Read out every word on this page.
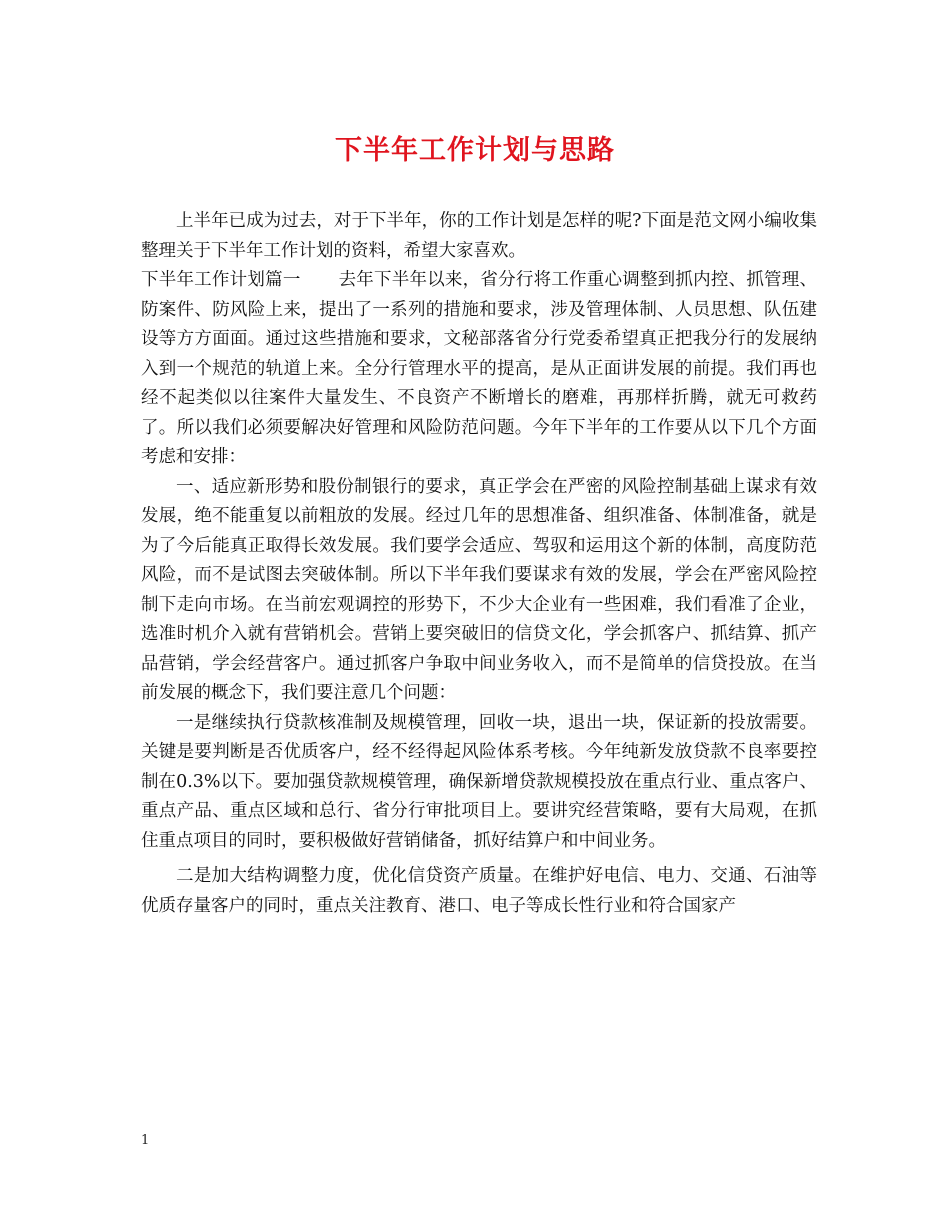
下半年工作计划与思路

上半年已成为过去，对于下半年，你的工作计划是怎样的呢?下面是范文网小编收集整理关于下半年工作计划的资料，希望大家喜欢。

下半年工作计划篇一 去年下半年以来，省分行将工作重心调整到抓内控、抓管理、防案件、防风险上来，提出了一系列的措施和要求，涉及管理体制、人员思想、队伍建设等方方面面。通过这些措施和要求，文秘部落省分行党委希望真正把我分行的发展纳入到一个规范的轨道上来。全分行管理水平的提高，是从正面讲发展的前提。我们再也经不起类似以往案件大量发生、不良资产不断增长的磨难，再那样折腾，就无可救药了。所以我们必须要解决好管理和风险防范问题。今年下半年的工作要从以下几个方面考虑和安排：

一、适应新形势和股份制银行的要求，真正学会在严密的风险控制基础上谋求有效发展，绝不能重复以前粗放的发展。经过几年的思想准备、组织准备、体制准备，就是为了今后能真正取得长效发展。我们要学会适应、驾驭和运用这个新的体制，高度防范风险，而不是试图去突破体制。所以下半年我们要谋求有效的发展，学会在严密风险控制下走向市场。在当前宏观调控的形势下，不少大企业有一些困难，我们看准了企业，选准时机介入就有营销机会。营销上要突破旧的信贷文化，学会抓客户、抓结算、抓产品营销，学会经营客户。通过抓客户争取中间业务收入，而不是简单的信贷投放。在当前发展的概念下，我们要注意几个问题：

一是继续执行贷款核准制及规模管理，回收一块，退出一块，保证新的投放需要。关键是要判断是否优质客户，经不经得起风险体系考核。今年纯新发放贷款不良率要控制在0.3%以下。要加强贷款规模管理，确保新增贷款规模投放在重点行业、重点客户、重点产品、重点区域和总行、省分行审批项目上。要讲究经营策略，要有大局观，在抓住重点项目的同时，要积极做好营销储备，抓好结算户和中间业务。

二是加大结构调整力度，优化信贷资产质量。在维护好电信、电力、交通、石油等优质存量客户的同时，重点关注教育、港口、电子等成长性行业和符合国家产

1
